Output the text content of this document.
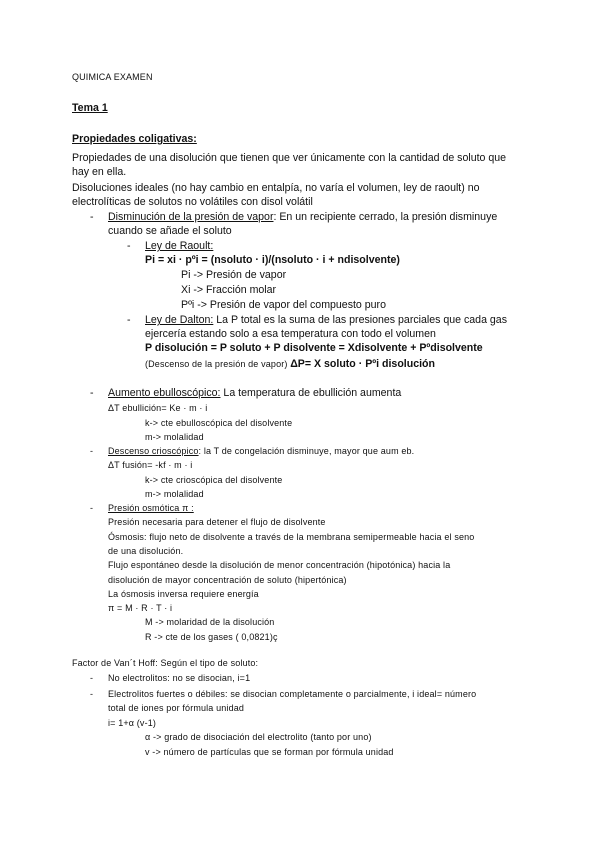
QUIMICA EXAMEN
Tema 1
Propiedades coligativas:
Propiedades de una disolución que tienen que ver únicamente con la cantidad de soluto que
hay en ella.
Disoluciones ideales (no hay cambio en entalpía, no varía el volumen, ley de raoult) no
electrolíticas de solutos no volátiles con disol volátil
- Disminución de la presión de vapor: En un recipiente cerrado, la presión disminuye
cuando se añade el soluto
- Ley de Raoult:
Pi = xi · pºi = (nsoluto · i)/(nsoluto · i + ndisolvente)
Pi -> Presión de vapor
Xi -> Fracción molar
Pºi -> Presión de vapor del compuesto puro
- Ley de Dalton: La P total es la suma de las presiones parciales que cada gas
ejercería estando solo a esa temperatura con todo el volumen
P disolución = P soluto + P disolvente = Xdisolvente + Pºdisolvente
(Descenso de la presión de vapor) ΔP= X soluto · Pºi disolución
- Aumento ebulloscópico: La temperatura de ebullición aumenta
ΔT ebullición= Ke · m · i
k-> cte ebulloscópica del disolvente
m-> molalidad
- Descenso crioscópico: la T de congelación disminuye, mayor que aum eb.
ΔT fusión= -kf · m · i
k-> cte crioscópica del disolvente
m-> molalidad
- Presión osmótica π :
Presión necesaria para detener el flujo de disolvente
Ósmosis: flujo neto de disolvente a través de la membrana semipermeable hacia el seno
de una disolución.
Flujo espontáneo desde la disolución de menor concentración (hipotónica) hacia la
disolución de mayor concentración de soluto (hipertónica)
La ósmosis inversa requiere energía
π = M · R · T · i
M -> molaridad de la disolución
R -> cte de los gases ( 0,0821)ç
Factor de Van´t Hoff: Según el tipo de soluto:
- No electrolitos: no se disocian, i=1
- Electrolitos fuertes o débiles: se disocian completamente o parcialmente, i ideal= número
total de iones por fórmula unidad
i= 1+α (v-1)
α -> grado de disociación del electrolito (tanto por uno)
v -> número de partículas que se forman por fórmula unidad
